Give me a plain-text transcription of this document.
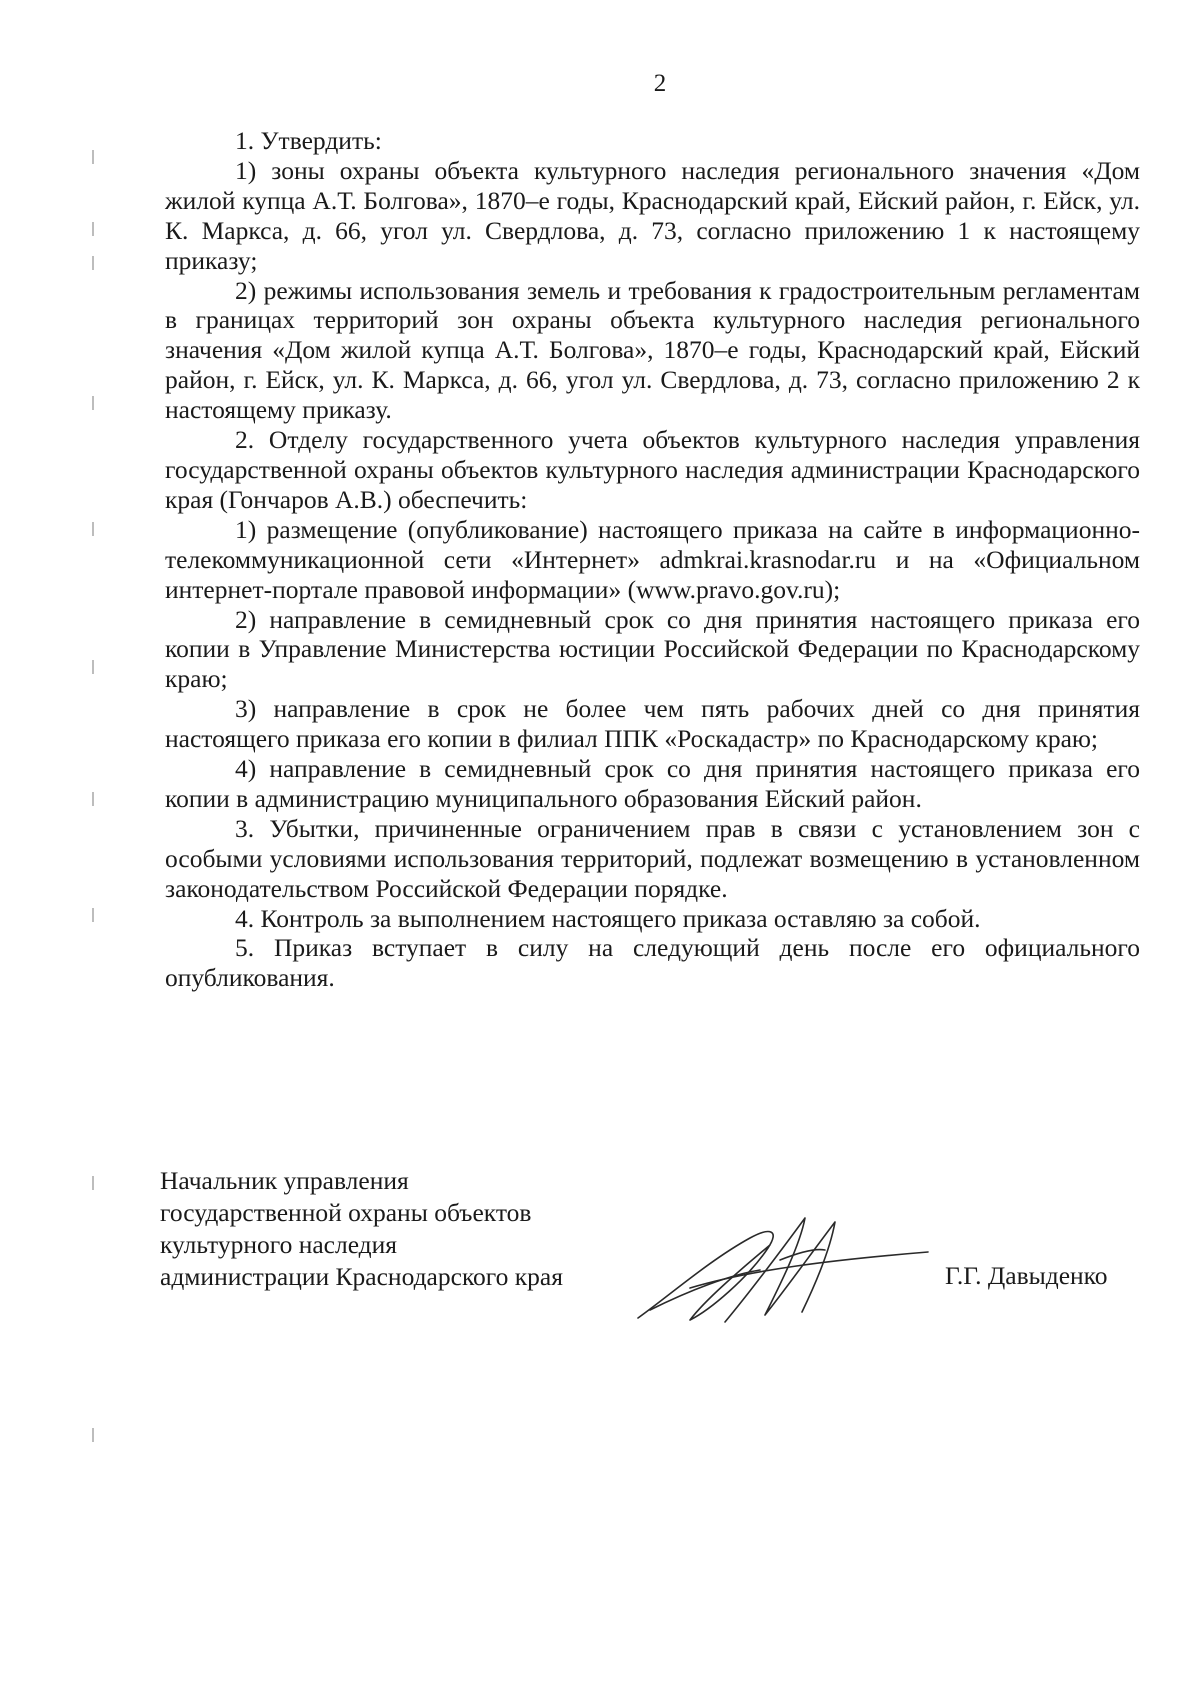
2

1. Утвердить:

1) зоны охраны объекта культурного наследия регионального значения «Дом жилой купца А.Т. Болгова», 1870–е годы, Краснодарский край, Ейский район, г. Ейск, ул. К. Маркса, д. 66, угол ул. Свердлова, д. 73, согласно приложению 1 к настоящему приказу;

2) режимы использования земель и требования к градостроительным регламентам в границах территорий зон охраны объекта культурного наследия регионального значения «Дом жилой купца А.Т. Болгова», 1870–е годы, Краснодарский край, Ейский район, г. Ейск, ул. К. Маркса, д. 66, угол ул. Свердлова, д. 73, согласно приложению 2 к настоящему приказу.

2. Отделу государственного учета объектов культурного наследия управления государственной охраны объектов культурного наследия администрации Краснодарского края (Гончаров А.В.) обеспечить:

1) размещение (опубликование) настоящего приказа на сайте в информационно-телекоммуникационной сети «Интернет» admkrai.krasnodar.ru и на «Официальном интернет-портале правовой информации» (www.pravo.gov.ru);

2) направление в семидневный срок со дня принятия настоящего приказа его копии в Управление Министерства юстиции Российской Федерации по Краснодарскому краю;

3) направление в срок не более чем пять рабочих дней со дня принятия настоящего приказа его копии в филиал ППК «Роскадастр» по Краснодарскому краю;

4) направление в семидневный срок со дня принятия настоящего приказа его копии в администрацию муниципального образования Ейский район.

3. Убытки, причиненные ограничением прав в связи с установлением зон с особыми условиями использования территорий, подлежат возмещению в установленном законодательством Российской Федерации порядке.

4. Контроль за выполнением настоящего приказа оставляю за собой.

5. Приказ вступает в силу на следующий день после его официального опубликования.

Начальник управления
государственной охраны объектов
культурного наследия
администрации Краснодарского края	Г.Г. Давыденко
